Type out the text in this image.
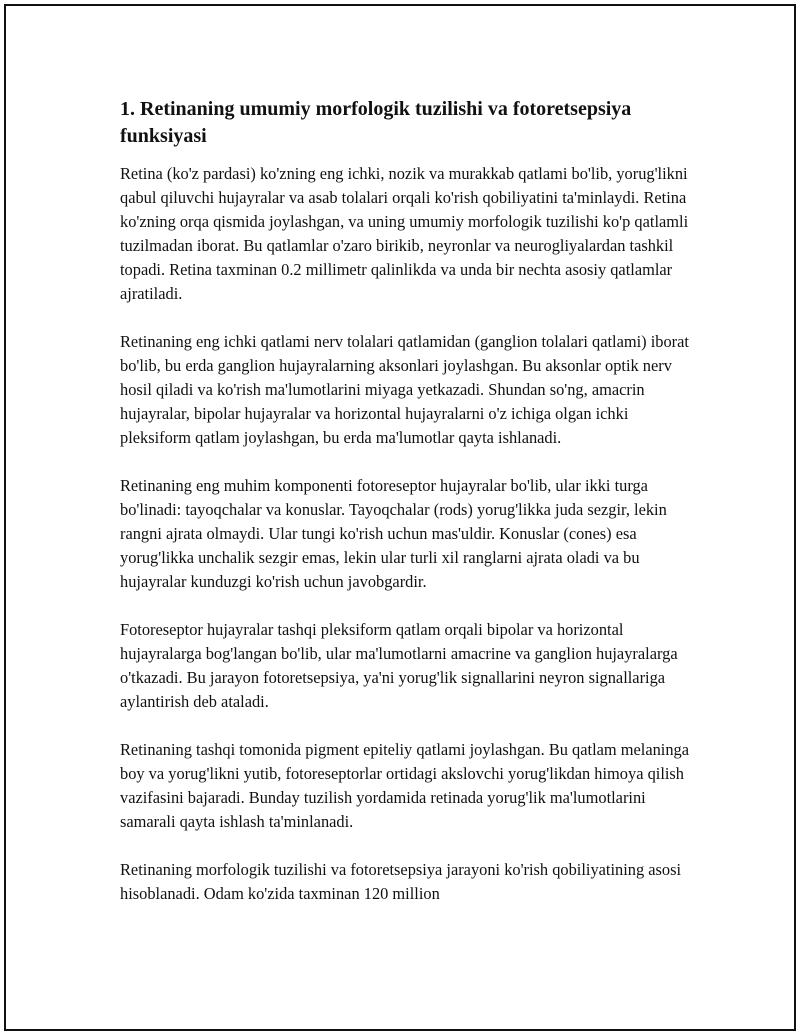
1. Retinaning umumiy morfologik tuzilishi va fotoretsepsiya funksiyasi

Retina (ko'z pardasi) ko'zning eng ichki, nozik va murakkab qatlami bo'lib, yorug'likni qabul qiluvchi hujayralar va asab tolalari orqali ko'rish qobiliyatini ta'minlaydi. Retina ko'zning orqa qismida joylashgan, va uning umumiy morfologik tuzilishi ko'p qatlamli tuzilmadan iborat. Bu qatlamlar o'zaro birikib, neyronlar va neurogliyalardan tashkil topadi. Retina taxminan 0.2 millimetr qalinlikda va unda bir nechta asosiy qatlamlar ajratiladi.

Retinaning eng ichki qatlami nerv tolalari qatlamidan (ganglion tolalari qatlami) iborat bo'lib, bu erda ganglion hujayralarning aksonlari joylashgan. Bu aksonlar optik nerv hosil qiladi va ko'rish ma'lumotlarini miyaga yetkazadi. Shundan so'ng, amacrin hujayralar, bipolar hujayralar va horizontal hujayralarni o'z ichiga olgan ichki pleksiform qatlam joylashgan, bu erda ma'lumotlar qayta ishlanadi.

Retinaning eng muhim komponenti fotoreseptor hujayralar bo'lib, ular ikki turga bo'linadi: tayoqchalar va konuslar. Tayoqchalar (rods) yorug'likka juda sezgir, lekin rangni ajrata olmaydi. Ular tungi ko'rish uchun mas'uldir. Konuslar (cones) esa yorug'likka unchalik sezgir emas, lekin ular turli xil ranglarni ajrata oladi va bu hujayralar kunduzgi ko'rish uchun javobgardir.

Fotoreseptor hujayralar tashqi pleksiform qatlam orqali bipolar va horizontal hujayralarga bog'langan bo'lib, ular ma'lumotlarni amacrine va ganglion hujayralarga o'tkazadi. Bu jarayon fotoretsepsiya, ya'ni yorug'lik signallarini neyron signallariga aylantirish deb ataladi.

Retinaning tashqi tomonida pigment epiteliy qatlami joylashgan. Bu qatlam melaninga boy va yorug'likni yutib, fotoreseptorlar ortidagi akslovchi yorug'likdan himoya qilish vazifasini bajaradi. Bunday tuzilish yordamida retinada yorug'lik ma'lumotlarini samarali qayta ishlash ta'minlanadi.

Retinaning morfologik tuzilishi va fotoretsepsiya jarayoni ko'rish qobiliyatining asosi hisoblanadi. Odam ko'zida taxminan 120 million
